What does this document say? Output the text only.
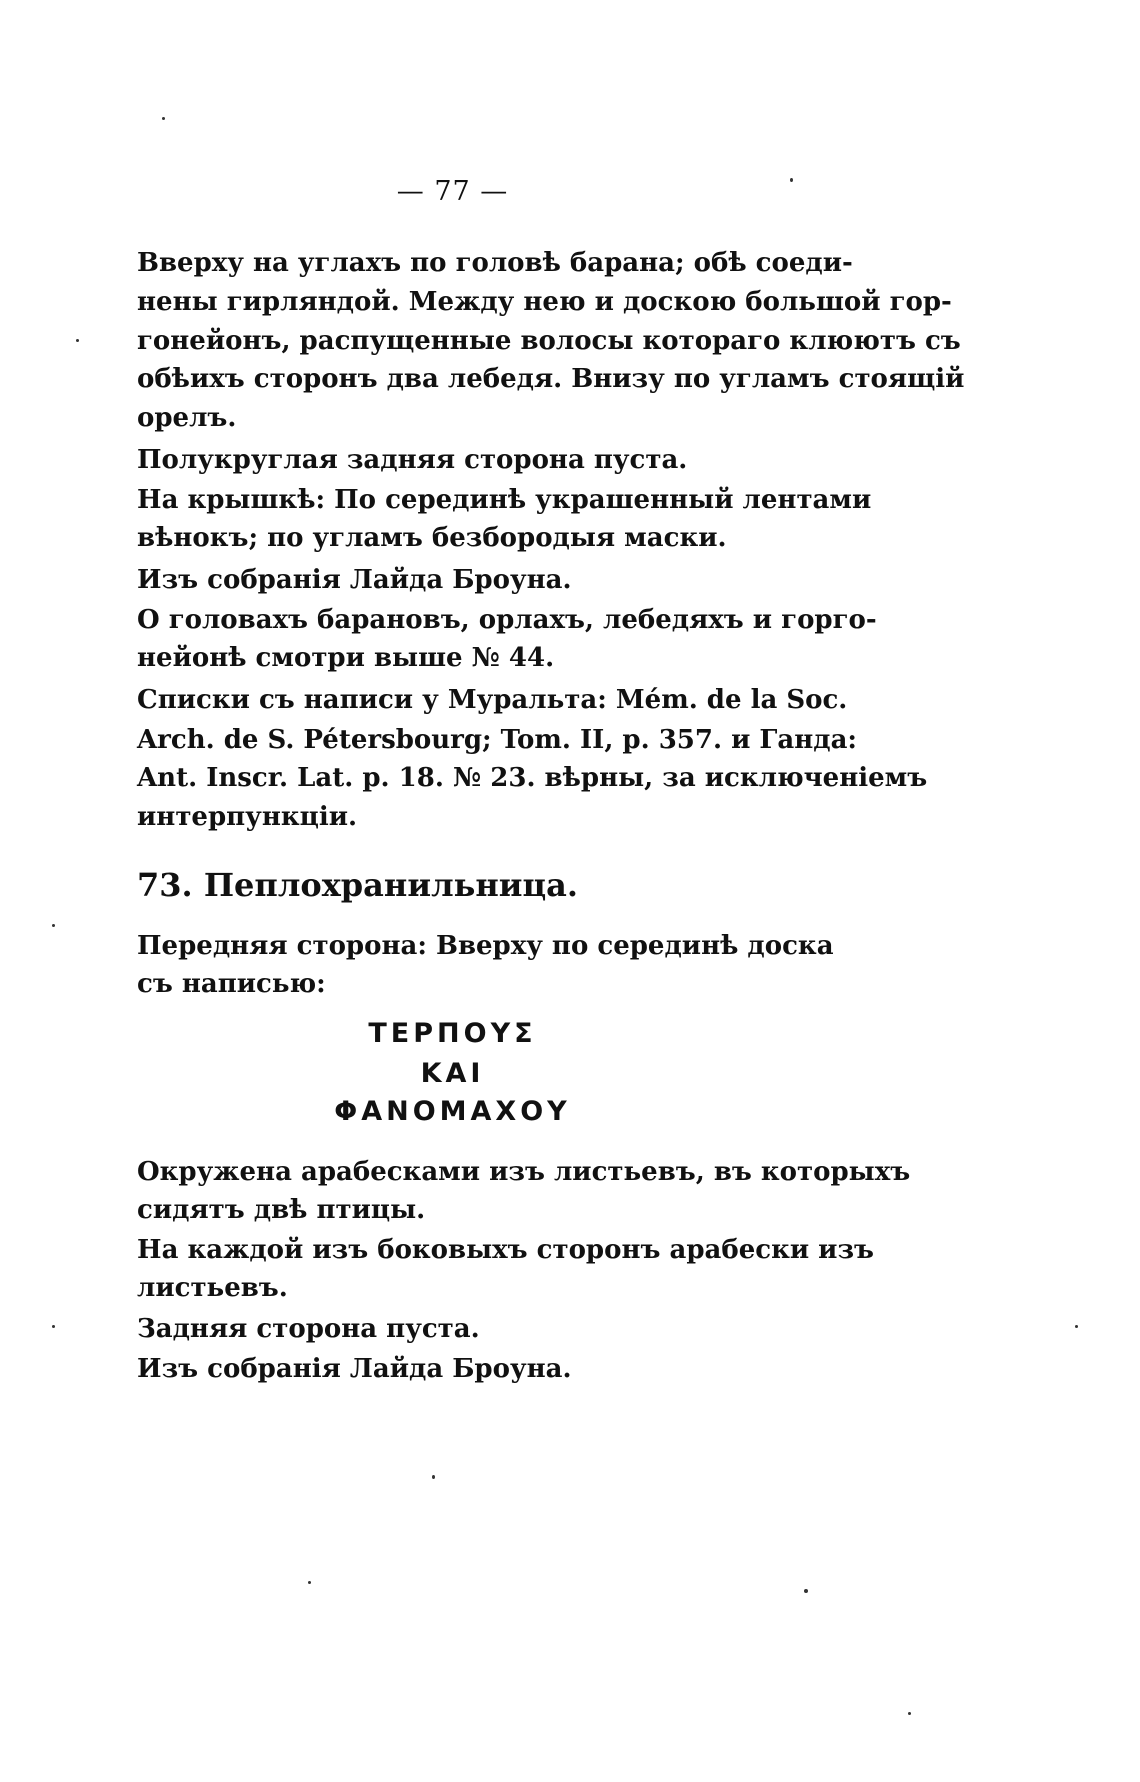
— 77 —
Вверху на углахъ по головѣ барана; обѣ соеди-
нены гирляндой. Между нею и доскою большой гор-
гонейонъ, распущенные волосы котораго клюютъ съ
обѣихъ сторонъ два лебедя. Внизу по угламъ стоящій
орелъ.
Полукруглая задняя сторона пуста.
На крышкѣ: По серединѣ украшенный лентами
вѣнокъ; по угламъ безбородыя маски.
Изъ собранія Лайда Броуна.
О головахъ барановъ, орлахъ, лебедяхъ и горго-
нейонѣ смотри выше № 44.
Списки съ написи у Муральта: Mém. de la Soc.
Arch. de S. Pétersbourg; Tom. II, p. 357. и Ганда:
Ant. Inscr. Lat. p. 18. № 23. вѣрны, за исключеніемъ
интерпункціи.
73. Пеплохранильница.
Передняя сторона: Вверху по серединѣ доска
съ написью:
ΤΕΡΠΟΥΣ
ΚΑΙ
ΦΑΝΟΜΑΧΟΥ
Окружена арабесками изъ листьевъ, въ которыхъ
сидятъ двѣ птицы.
На каждой изъ боковыхъ сторонъ арабески изъ
листьевъ.
Задняя сторона пуста.
Изъ собранія Лайда Броуна.
